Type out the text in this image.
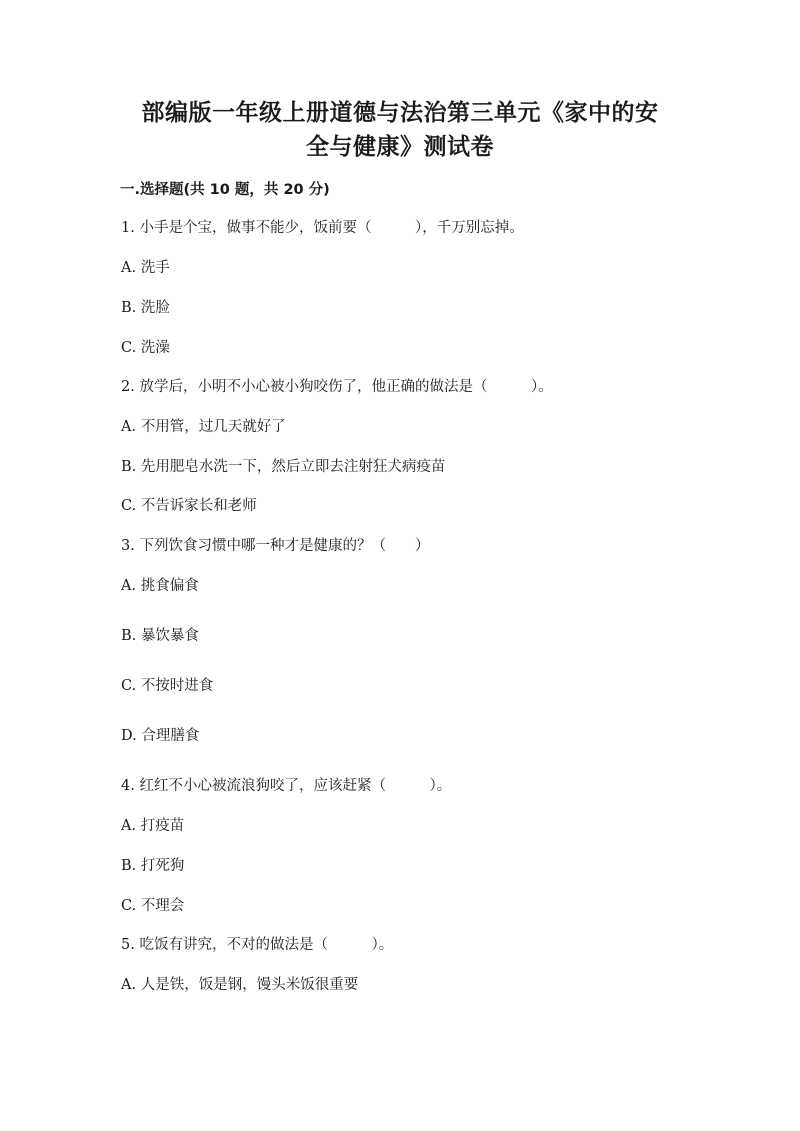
部编版一年级上册道德与法治第三单元《家中的安
全与健康》测试卷
一.选择题(共 10 题，共 20 分)
1. 小手是个宝，做事不能少，饭前要（　　　），千万别忘掉。
A. 洗手
B. 洗脸
C. 洗澡
2. 放学后，小明不小心被小狗咬伤了，他正确的做法是（　　　）。
A. 不用管，过几天就好了
B. 先用肥皂水洗一下，然后立即去注射狂犬病疫苗
C. 不告诉家长和老师
3. 下列饮食习惯中哪一种才是健康的？（　　）
A. 挑食偏食
B. 暴饮暴食
C. 不按时进食
D. 合理膳食
4. 红红不小心被流浪狗咬了，应该赶紧（　　　）。
A. 打疫苗
B. 打死狗
C. 不理会
5. 吃饭有讲究，不对的做法是（　　　）。
A. 人是铁，饭是钢，馒头米饭很重要
